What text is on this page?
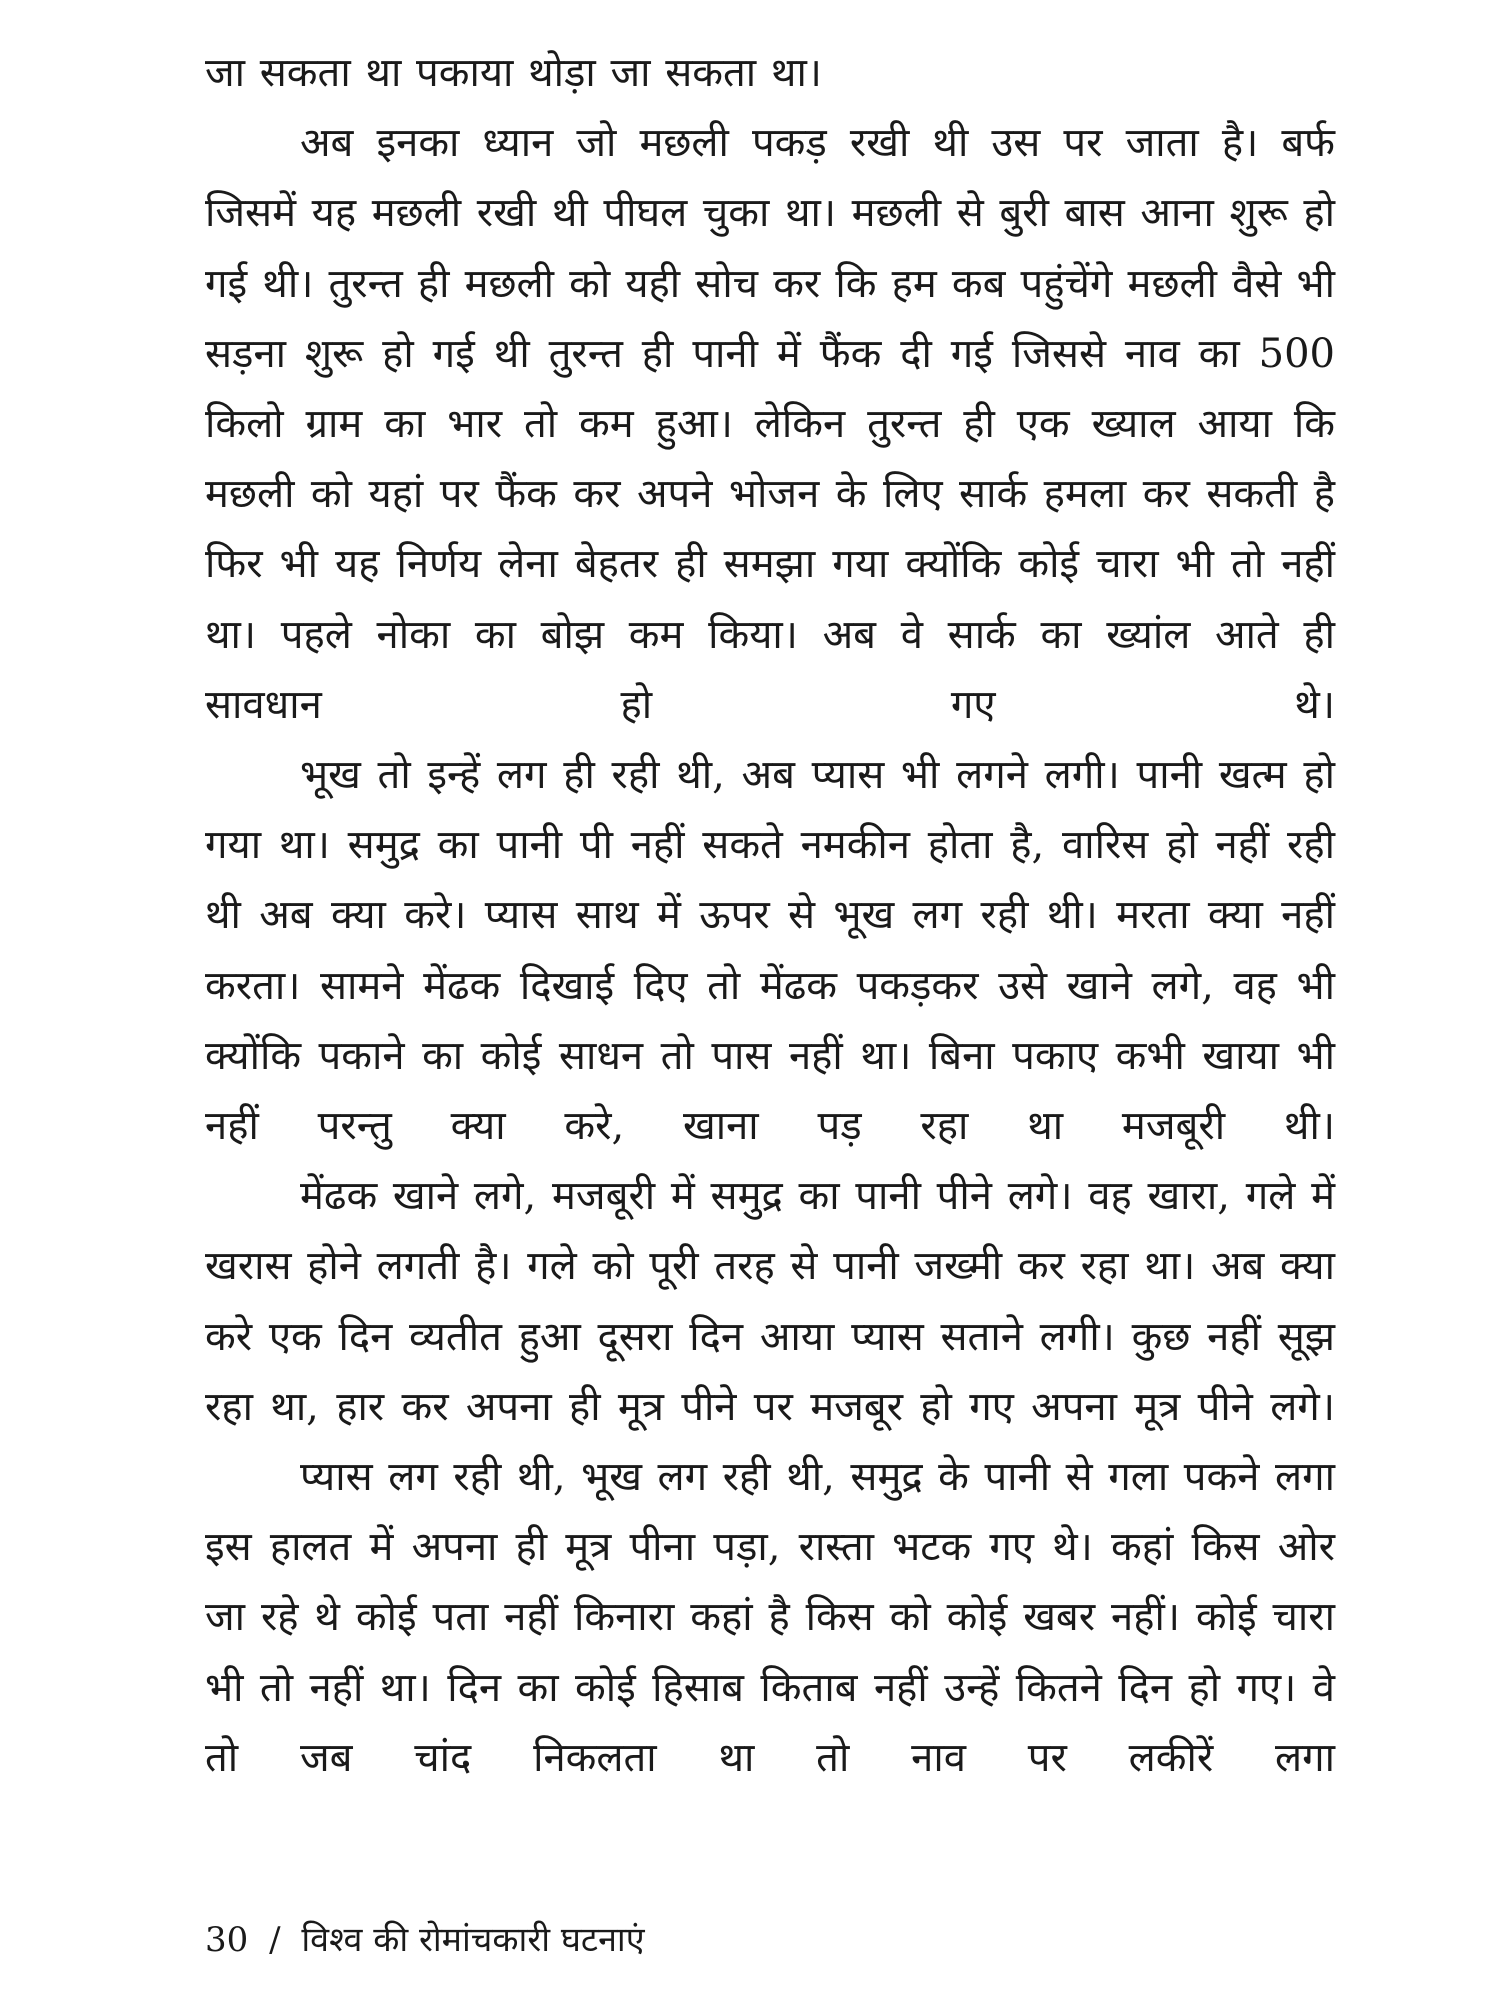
जा सकता था पकाया थोड़ा जा सकता था।

अब इनका ध्यान जो मछली पकड़ रखी थी उस पर जाता है। बर्फ जिसमें यह मछली रखी थी पीघल चुका था। मछली से बुरी बास आना शुरू हो गई थी। तुरन्त ही मछली को यही सोच कर कि हम कब पहुंचेंगे मछली वैसे भी सड़ना शुरू हो गई थी तुरन्त ही पानी में फैंक दी गई जिससे नाव का 500 किलो ग्राम का भार तो कम हुआ। लेकिन तुरन्त ही एक ख्याल आया कि मछली को यहां पर फैंक कर अपने भोजन के लिए सार्क हमला कर सकती है फिर भी यह निर्णय लेना बेहतर ही समझा गया क्योंकि कोई चारा भी तो नहीं था। पहले नोका का बोझ कम किया। अब वे सार्क का ख्यांल आते ही सावधान हो गए थे।

भूख तो इन्हें लग ही रही थी, अब प्यास भी लगने लगी। पानी खत्म हो गया था। समुद्र का पानी पी नहीं सकते नमकीन होता है, वारिस हो नहीं रही थी अब क्या करे। प्यास साथ में ऊपर से भूख लग रही थी। मरता क्या नहीं करता। सामने मेंढक दिखाई दिए तो मेंढक पकड़कर उसे खाने लगे, वह भी क्योंकि पकाने का कोई साधन तो पास नहीं था। बिना पकाए कभी खाया भी नहीं परन्तु क्या करे, खाना पड़ रहा था मजबूरी थी।

मेंढक खाने लगे, मजबूरी में समुद्र का पानी पीने लगे। वह खारा, गले में खरास होने लगती है। गले को पूरी तरह से पानी जख्मी कर रहा था। अब क्या करे एक दिन व्यतीत हुआ दूसरा दिन आया प्यास सताने लगी। कुछ नहीं सूझ रहा था, हार कर अपना ही मूत्र पीने पर मजबूर हो गए अपना मूत्र पीने लगे।

प्यास लग रही थी, भूख लग रही थी, समुद्र के पानी से गला पकने लगा इस हालत में अपना ही मूत्र पीना पड़ा, रास्ता भटक गए थे। कहां किस ओर जा रहे थे कोई पता नहीं किनारा कहां है किस को कोई खबर नहीं। कोई चारा भी तो नहीं था। दिन का कोई हिसाब किताब नहीं उन्हें कितने दिन हो गए। वे तो जब चांद निकलता था तो नाव पर लकीरें लगा

30 / विश्व की रोमांचकारी घटनाएं
